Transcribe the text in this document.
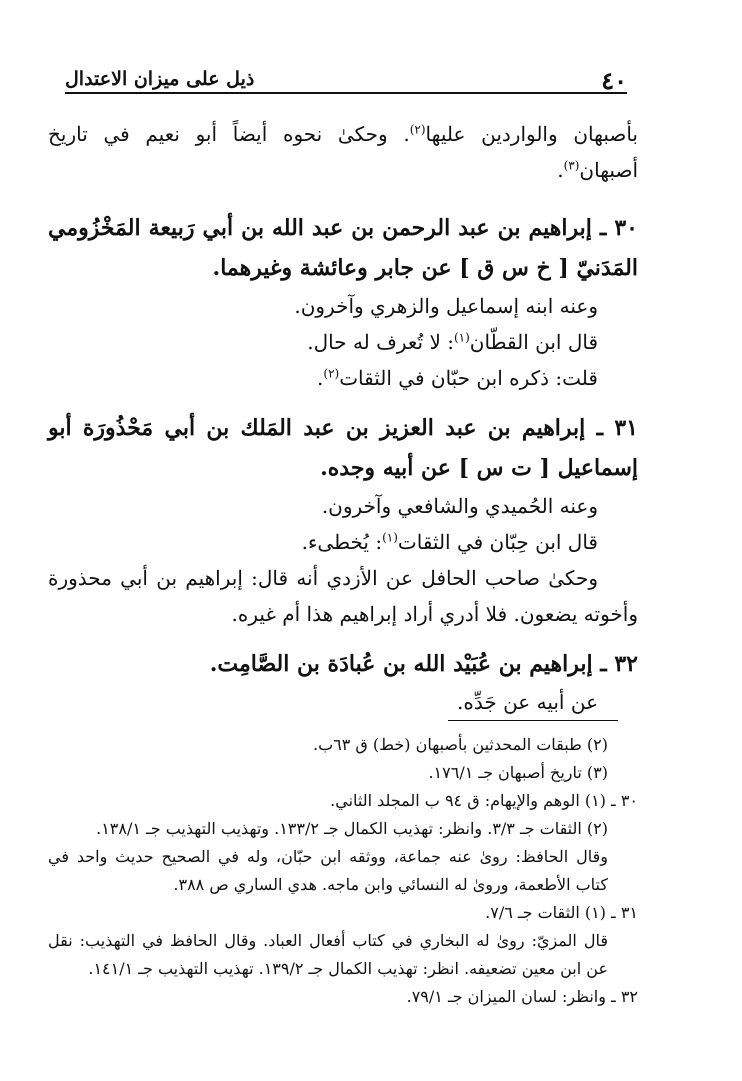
٤٠
ذيل على ميزان الاعتدال

بأصبهان والواردين عليها$^{(٢)}$. وحكىٰ نحوه أيضاً أبو نعيم في تاريخ أصبهان$^{(٣)}$.

٣٠ ـ إبراهيم بن عبد الرحمن بن عبد الله بن أبي رَبيعة المَخْزُومي المَدَنيّ [ خ س ق ] عن جابر وعائشة وغيرهما.

وعنه ابنه إسماعيل والزهري وآخرون.

قال ابن القطّان$^{(١)}$: لا تُعرف له حال.

قلت: ذكره ابن حبّان في الثقات$^{(٢)}$.

٣١ ـ إبراهيم بن عبد العزيز بن عبد المَلك بن أبي مَحْذُورَة أبو إسماعيل [ ت س ] عن أبيه وجده.

وعنه الحُميدي والشافعي وآخرون.

قال ابن حِبّان في الثقات$^{(١)}$: يُخطىء.

وحكىٰ صاحب الحافل عن الأزدي أنه قال: إبراهيم بن أبي محذورة وأخوته يضعون. فلا أدري أراد إبراهيم هذا أم غيره.

٣٢ ـ إبراهيم بن عُبَيْد الله بن عُبادَة بن الصَّامِت.

عن أبيه عن جَدِّه.

(٢) طبقات المحدثين بأصبهان (خط) ق ٦٣ب.

(٣) تاريخ أصبهان جـ ١٧٦/١.

٣٠ ـ (١) الوهم والإيهام: ق ٩٤ ب المجلد الثاني.

(٢) الثقات جـ ٣/٣. وانظر: تهذيب الكمال جـ ١٣٣/٢. وتهذيب التهذيب جـ ١٣٨/١.

وقال الحافظ: روىٰ عنه جماعة، ووثقه ابن حبّان، وله في الصحيح حديث واحد في كتاب الأطعمة، وروىٰ له النسائي وابن ماجه. هدي الساري ص ٣٨٨.

٣١ ـ (١) الثقات جـ ٧/٦.

قال المزيّ: روىٰ له البخاري في كتاب أفعال العباد. وقال الحافظ في التهذيب: نقل عن ابن معين تضعيفه. انظر: تهذيب الكمال جـ ١٣٩/٢. تهذيب التهذيب جـ ١٤١/١.

٣٢ ـ وانظر: لسان الميزان جـ ٧٩/١.
